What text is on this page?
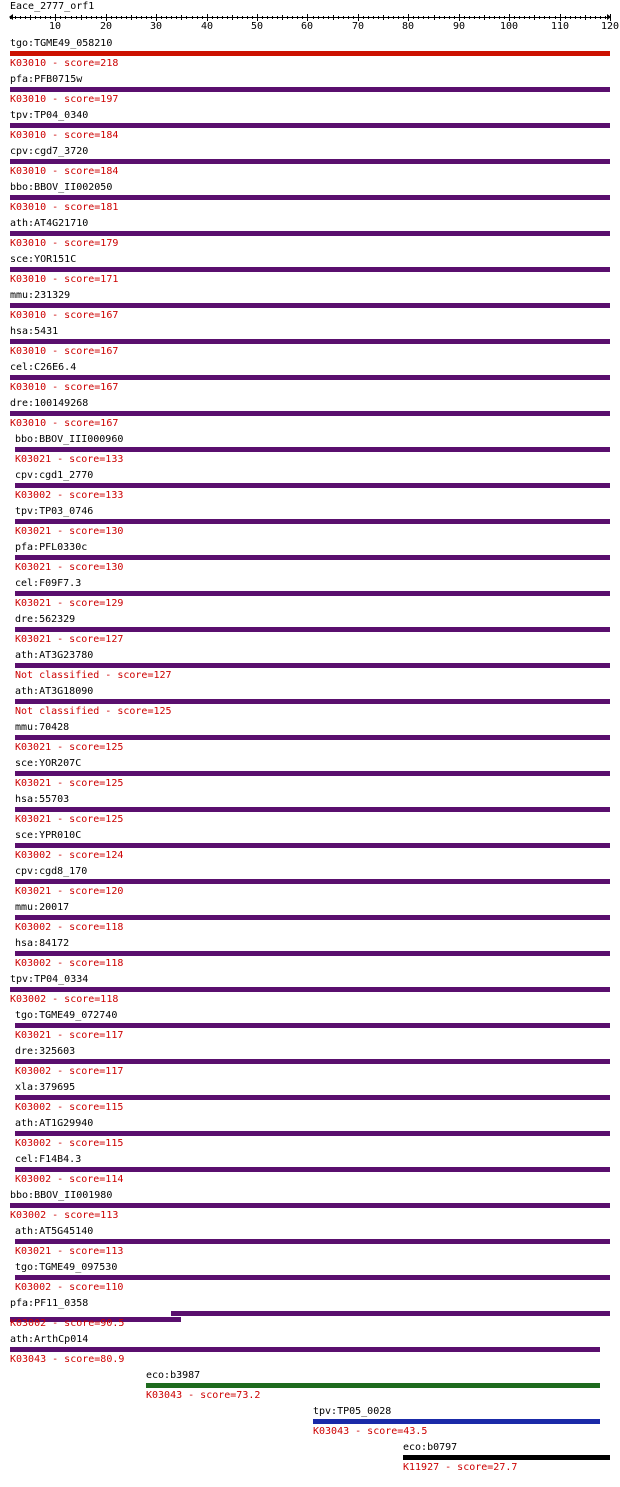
Eace_2777_orf1
10	20	30	40	50	60	70	80	90	100	110	120
tgo:TGME49_058210
K03010 - score=218
pfa:PFB0715w
K03010 - score=197
tpv:TP04_0340
K03010 - score=184
cpv:cgd7_3720
K03010 - score=184
bbo:BBOV_II002050
K03010 - score=181
ath:AT4G21710
K03010 - score=179
sce:YOR151C
K03010 - score=171
mmu:231329
K03010 - score=167
hsa:5431
K03010 - score=167
cel:C26E6.4
K03010 - score=167
dre:100149268
K03010 - score=167
bbo:BBOV_III000960
K03021 - score=133
cpv:cgd1_2770
K03002 - score=133
tpv:TP03_0746
K03021 - score=130
pfa:PFL0330c
K03021 - score=130
cel:F09F7.3
K03021 - score=129
dre:562329
K03021 - score=127
ath:AT3G23780
Not classified - score=127
ath:AT3G18090
Not classified - score=125
mmu:70428
K03021 - score=125
sce:YOR207C
K03021 - score=125
hsa:55703
K03021 - score=125
sce:YPR010C
K03002 - score=124
cpv:cgd8_170
K03021 - score=120
mmu:20017
K03002 - score=118
hsa:84172
K03002 - score=118
tpv:TP04_0334
K03002 - score=118
tgo:TGME49_072740
K03021 - score=117
dre:325603
K03002 - score=117
xla:379695
K03002 - score=115
ath:AT1G29940
K03002 - score=115
cel:F14B4.3
K03002 - score=114
bbo:BBOV_II001980
K03002 - score=113
ath:AT5G45140
K03021 - score=113
tgo:TGME49_097530
K03002 - score=110
pfa:PF11_0358
K03002 - score=90.5
ath:ArthCp014
K03043 - score=80.9
eco:b3987
K03043 - score=73.2
tpv:TP05_0028
K03043 - score=43.5
eco:b0797
K11927 - score=27.7
